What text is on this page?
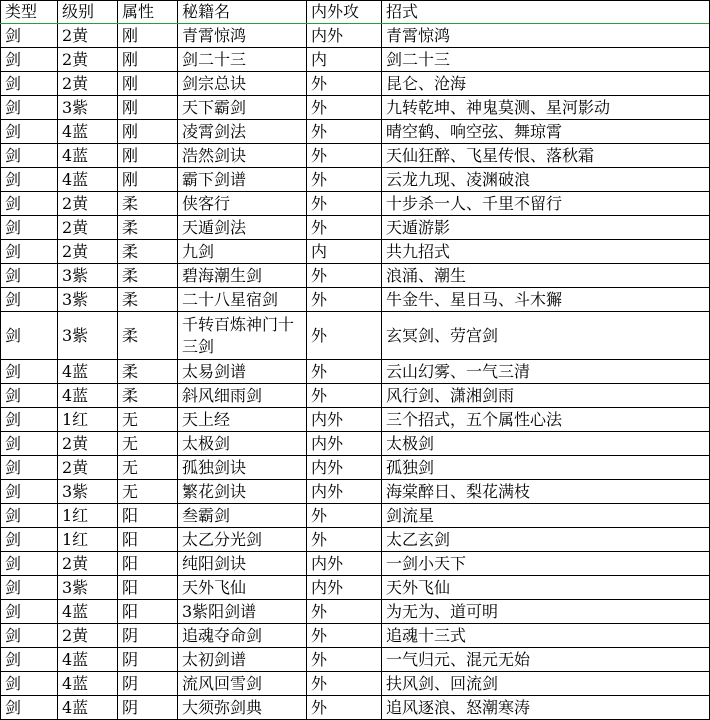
类型	级别	属性	秘籍名	内外攻	招式
剑	2黄	刚	青霄惊鸿	内外	青霄惊鸿
剑	2黄	刚	剑二十三	内	剑二十三
剑	2黄	刚	剑宗总诀	外	昆仑、沧海
剑	3紫	刚	天下霸剑	外	九转乾坤、神鬼莫测、星河影动
剑	4蓝	刚	凌霄剑法	外	晴空鹤、响空弦、舞琼霄
剑	4蓝	刚	浩然剑诀	外	天仙狂醉、飞星传恨、落秋霜
剑	4蓝	刚	霸下剑谱	外	云龙九现、凌渊破浪
剑	2黄	柔	侠客行	外	十步杀一人、千里不留行
剑	2黄	柔	天遁剑法	外	天遁游影
剑	2黄	柔	九剑	内	共九招式
剑	3紫	柔	碧海潮生剑	外	浪涌、潮生
剑	3紫	柔	二十八星宿剑	外	牛金牛、星日马、斗木獬
剑	3紫	柔	千转百炼神门十三剑	外	玄冥剑、劳宫剑
剑	4蓝	柔	太易剑谱	外	云山幻雾、一气三清
剑	4蓝	柔	斜风细雨剑	外	风行剑、潇湘剑雨
剑	1红	无	天上经	内外	三个招式，五个属性心法
剑	2黄	无	太极剑	内外	太极剑
剑	2黄	无	孤独剑诀	内外	孤独剑
剑	3紫	无	繁花剑诀	内外	海棠醉日、梨花满枝
剑	1红	阳	叁霸剑	外	剑流星
剑	1红	阳	太乙分光剑	外	太乙玄剑
剑	2黄	阳	纯阳剑诀	内外	一剑小天下
剑	3紫	阳	天外飞仙	内外	天外飞仙
剑	4蓝	阳	3紫阳剑谱	外	为无为、道可明
剑	2黄	阴	追魂夺命剑	外	追魂十三式
剑	4蓝	阴	太初剑谱	外	一气归元、混元无始
剑	4蓝	阴	流风回雪剑	外	扶风剑、回流剑
剑	4蓝	阴	大须弥剑典	外	追风逐浪、怒潮寒涛
